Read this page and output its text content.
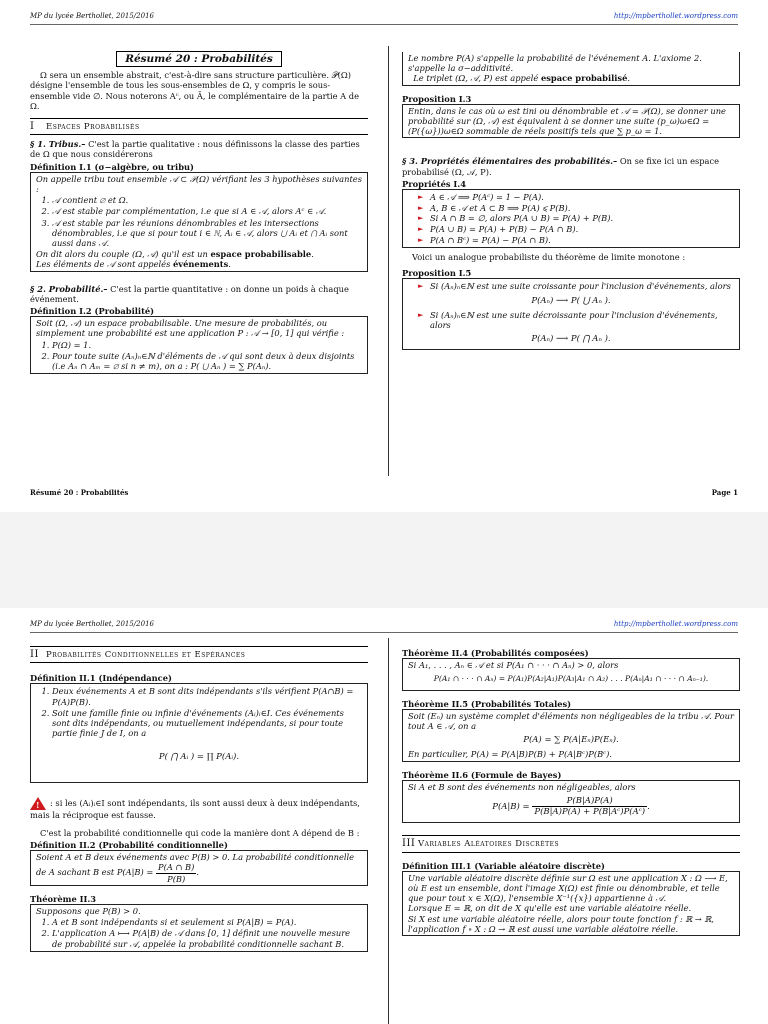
MP du lycée Berthollet, 2015/2016	http://mpberthollet.wordpress.com
Résumé 20 : Probabilités

Ω sera un ensemble abstrait, c'est-à-dire sans structure particulière. 𝒫(Ω) désigne l'ensemble de tous les sous-ensembles de Ω, y compris le sous-ensemble vide ∅. Nous noterons Aᶜ, ou Ā, le complémentaire de la partie A de Ω.

I Espaces Probabilisés

§ 1. Tribus.– C'est la partie qualitative : nous définissons la classe des parties de Ω que nous considérerons

Définition I.1 (σ−algèbre, ou tribu)

On appelle tribu tout ensemble 𝒜 ⊂ 𝒫(Ω) vérifiant les 3 hypothèses suivantes :

1. 𝒜 contient ∅ et Ω.
2. 𝒜 est stable par complémentation, i.e que si A ∈ 𝒜, alors Aᶜ ∈ 𝒜.
3. 𝒜 est stable par les réunions dénombrables et les intersections dénombrables, i.e que si pour tout i ∈ ℕ, Aᵢ ∈ 𝒜, alors ⋃ Aᵢ et ⋂ Aᵢ sont aussi dans 𝒜.

On dit alors du couple (Ω, 𝒜) qu'il est un espace probabilisable.

Les éléments de 𝒜 sont appelés événements.

§ 2. Probabilité.– C'est la partie quantitative : on donne un poids à chaque événement.

Définition I.2 (Probabilité)

Soit (Ω, 𝒜) un espace probabilisable. Une mesure de probabilités, ou simplement une probabilité est une application P : 𝒜 → [0, 1] qui vérifie :

1. P(Ω) = 1.
2. Pour toute suite (Aₙ)ₙ∈ℕ d'éléments de 𝒜 qui sont deux à deux disjoints (i.e Aₙ ∩ Aₘ = ∅ si n ≠ m), on a : P( ⋃ Aₙ ) = ∑ P(Aₙ).

Le nombre P(A) s'appelle la probabilité de l'événement A. L'axiome 2. s'appelle la σ−additivité.

Le triplet (Ω, 𝒜, P) est appelé espace probabilisé.

Proposition I.3

Entin, dans le cas où ω est tini ou dénombrable et 𝒜 = 𝒫(Ω), se donner une probabilité sur (Ω, 𝒜) est équivalent à se donner une suite (p_ω)ω∈Ω = (P({ω}))ω∈Ω sommable de réels positifs tels que ∑ p_ω = 1.

§ 3. Propriétés élémentaires des probabilités.– On se fixe ici un espace probabilisé (Ω, 𝒜, P).

Propriétés I.4
► A ∈ 𝒜 ⟹ P(Aᶜ) = 1 − P(A).
► A, B ∈ 𝒜 et A ⊂ B ⟹ P(A) ⩽ P(B).
► Si A ∩ B = ∅, alors P(A ∪ B) = P(A) + P(B).
► P(A ∪ B) = P(A) + P(B) − P(A ∩ B).
► P(A ∩ Bᶜ) = P(A) − P(A ∩ B).

Voici un analogue probabiliste du théorème de limite monotone :

Proposition I.5
► Si (Aₙ)ₙ∈ℕ est une suite croissante pour l'inclusion d'événements, alors
P(Aₙ) ⟶ P( ⋃ Aₙ ).
► Si (Aₙ)ₙ∈ℕ est une suite décroissante pour l'inclusion d'événements, alors
P(Aₙ) ⟶ P( ⋂ Aₙ ).
Résumé 20 : Probabilités	Page 1
MP du lycée Berthollet, 2015/2016	http://mpberthollet.wordpress.com
II Probabilités Conditionnelles et Espérances
Définition II.1 (Indépendance)
1. Deux événements A et B sont dits indépendants s'ils vérifient P(A∩B) = P(A)P(B).
2. Soit une famille finie ou infinie d'événements (Aᵢ)ᵢ∈I. Ces événements sont dits indépendants, ou mutuellement indépendants, si pour toute partie finie J de I, on a
P( ⋂ Aᵢ ) = ∏ P(Aᵢ).

!: si les (Aᵢ)ᵢ∈I sont indépendants, ils sont aussi deux à deux indépendants, mais la réciproque est fausse.

C'est la probabilité conditionnelle qui code la manière dont A dépend de B :

Définition II.2 (Probabilité conditionnelle)
Soient A et B deux événements avec P(B) > 0. La probabilité conditionnelle de A sachant B est $P(A|B) = \frac{P(A \cap B)}{P(B)}$ .
Théorème II.3

Supposons que P(B) > 0.

1. A et B sont indépendants si et seulement si P(A|B) = P(A).
2. L'application A ⟼ P(A|B) de 𝒜 dans [0, 1] définit une nouvelle mesure de probabilité sur 𝒜, appelée la probabilité conditionnelle sachant B.
Théorème II.4 (Probabilités composées)

Si A₁, . . . , Aₙ ∈ 𝒜 et si P(A₁ ∩ · · · ∩ Aₙ) > 0, alors

P(A₁ ∩ · · · ∩ Aₙ) = P(A₁)P(A₂|A₁)P(A₃|A₁ ∩ A₂) . . . P(Aₙ|A₁ ∩ · · · ∩ Aₙ₋₁).
Théorème II.5 (Probabilités Totales)

Soit (Eₙ) un système complet d'éléments non négligeables de la tribu 𝒜. Pour tout A ∈ 𝒜, on a

P(A) = ∑ P(A|Eₙ)P(Eₙ).

En particulier, P(A) = P(A|B)P(B) + P(A|Bᶜ)P(Bᶜ).

Théorème II.6 (Formule de Bayes)

Si A et B sont des événements non négligeables, alors

$P(A|B) = \frac{P(B|A)P(A)}{\text{P(B|A)P(A) + P(B|Aᶜ)P(Aᶜ)}}$ .
III Variables Aléatoires Discrètes
Définition III.1 (Variable aléatoire discrète)

Une variable aléatoire discrète définie sur Ω est une application X : Ω ⟶ E, où E est un ensemble, dont l'image X(Ω) est finie ou dénombrable, et telle que pour tout x ∈ X(Ω), l'ensemble X⁻¹({x}) appartienne à 𝒜.

Lorsque E = ℝ, on dit de X qu'elle est une variable aléatoire réelle.

Si X est une variable aléatoire réelle, alors pour toute fonction f : ℝ → ℝ, l'application f ∘ X : Ω → ℝ est aussi une variable aléatoire réelle.
